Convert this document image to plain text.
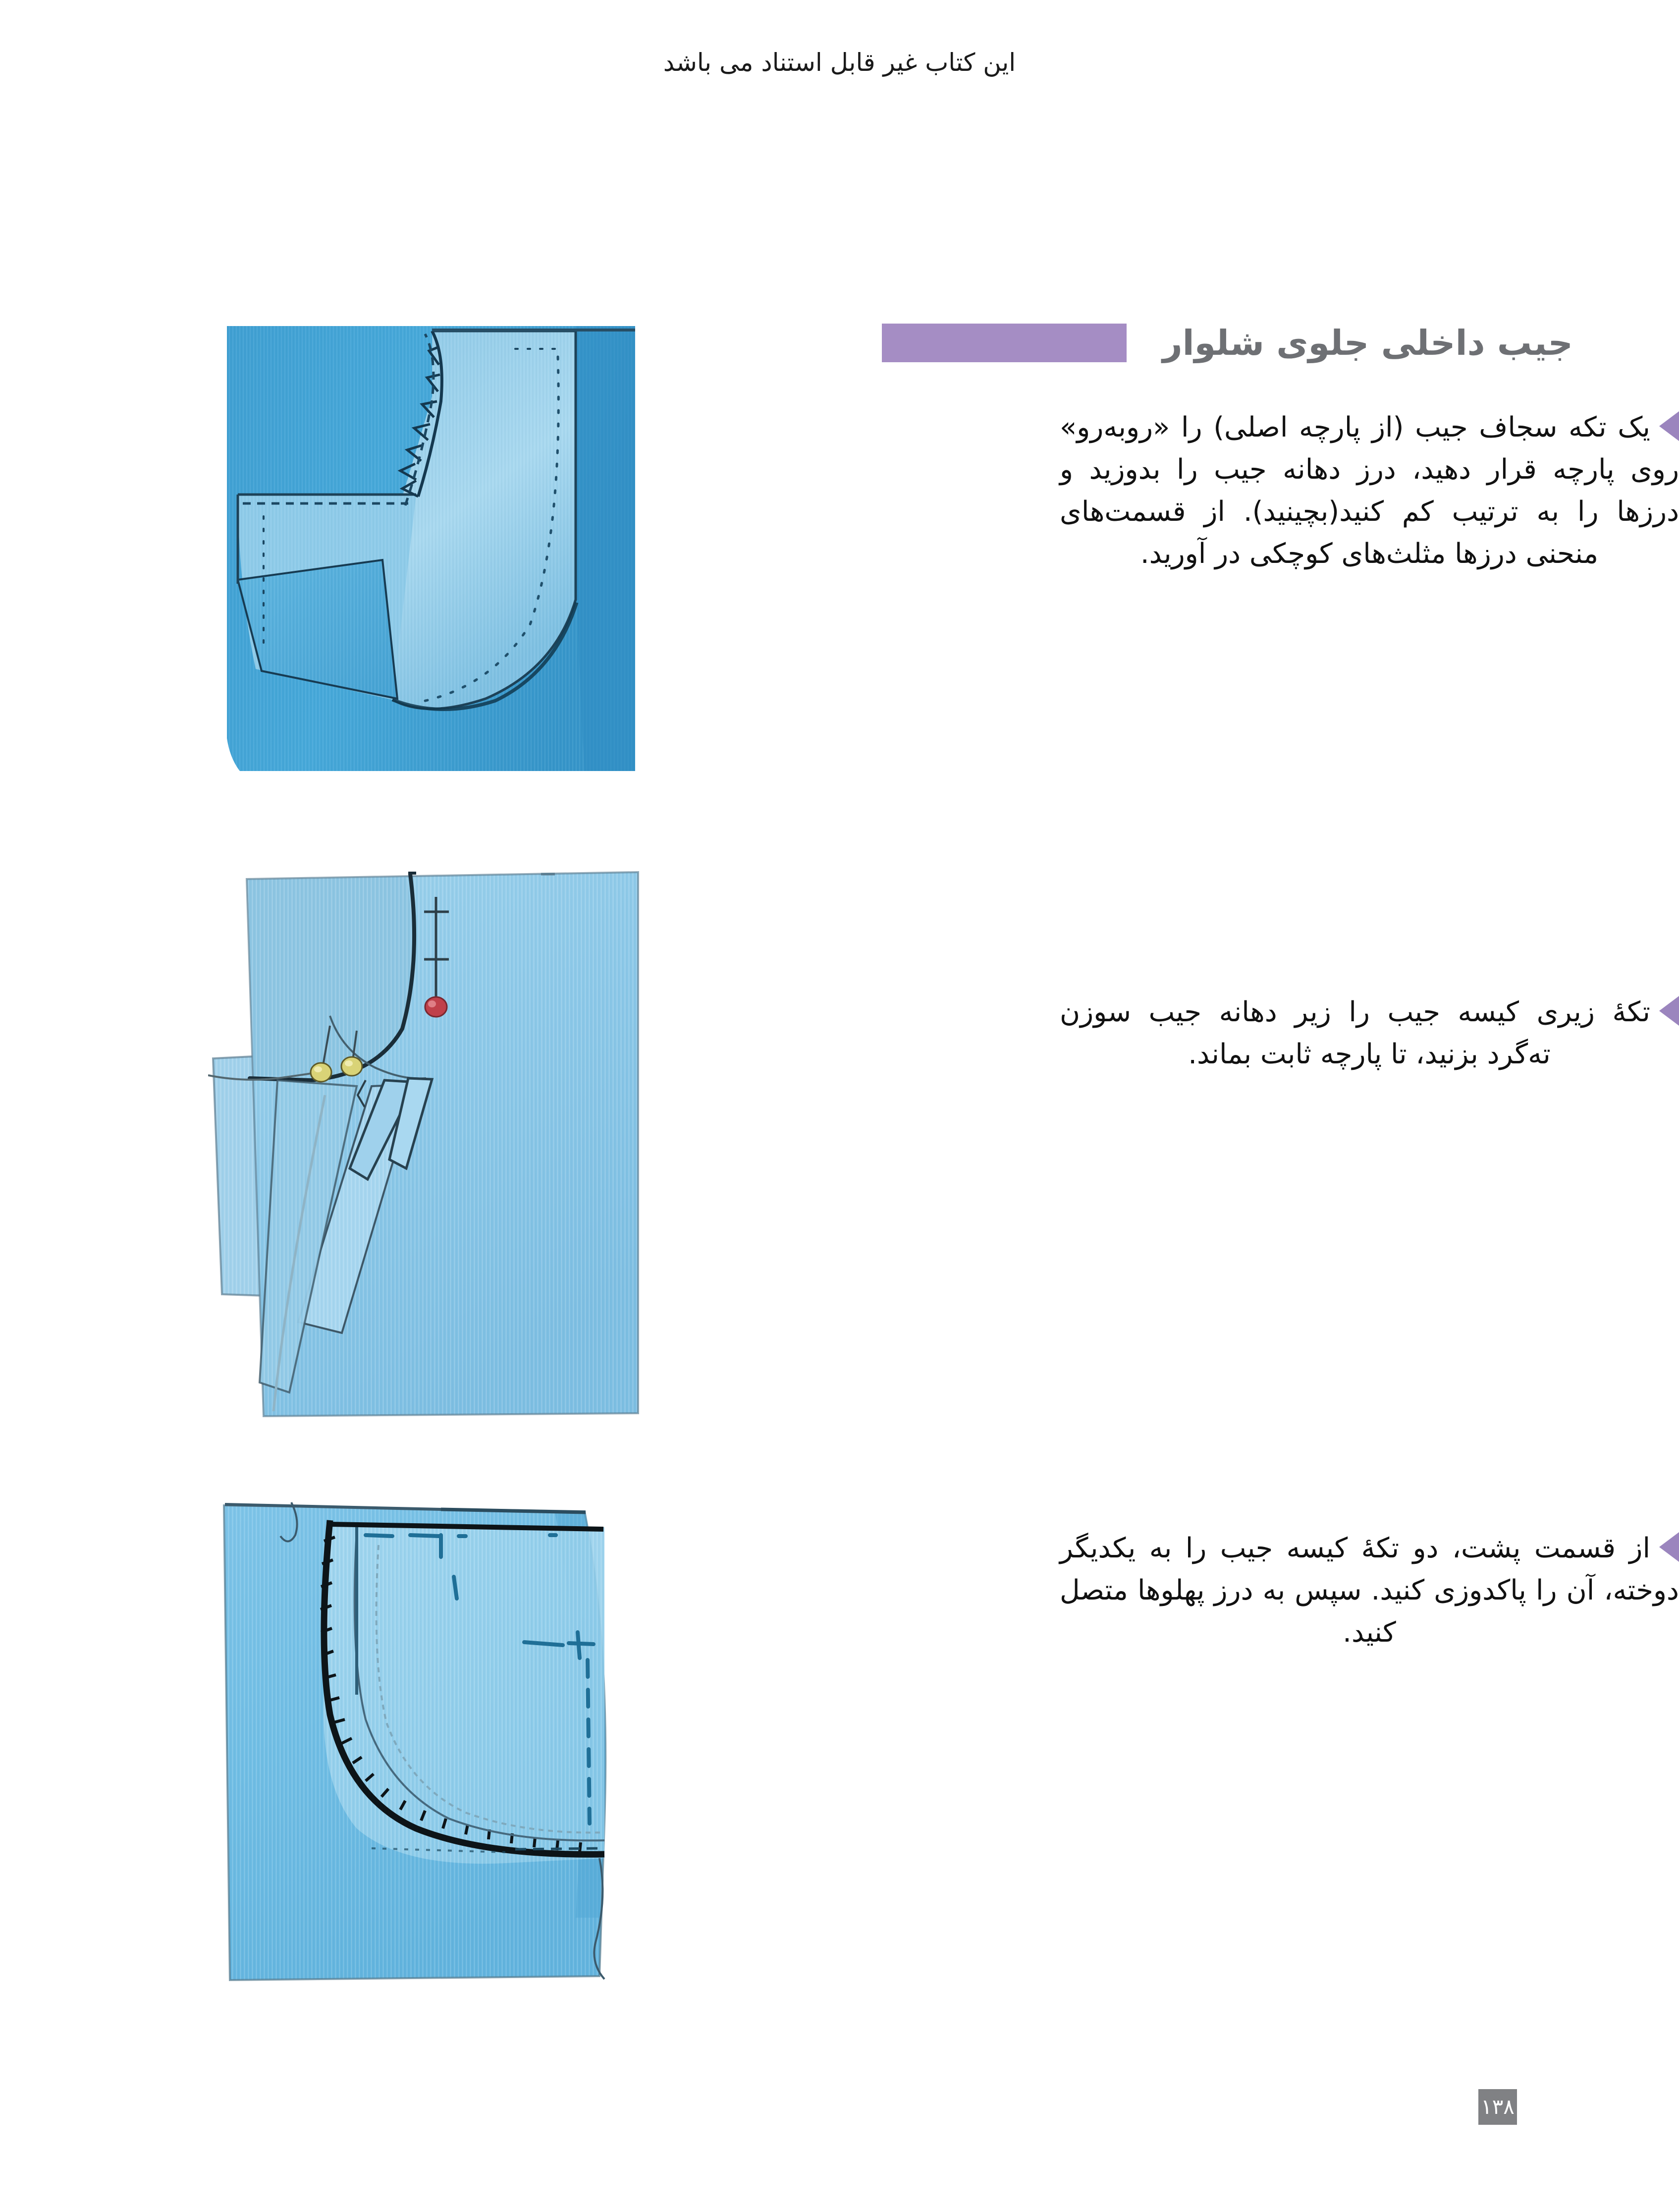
این کتاب غیر قابل استناد می باشد
جیب داخلی جلوی شلوار
یک تکه سجاف جیب (از پارچه اصلی) را «روبه‌رو» روی پارچه قرار دهید، درز دهانه جیب را بدوزید و درزها را به ترتیب کم کنید(بچینید). از قسمت‌های منحنی درزها مثلث‌های کوچکی در آورید.
تکهٔ زیری کیسه جیب را زیر دهانه جیب سوزن ته‌گرد بزنید، تا پارچه ثابت بماند.
از قسمت پشت، دو تکهٔ کیسه جیب را به یکدیگر دوخته، آن را پاکدوزی کنید. سپس به درز پهلوها متصل کنید.
۱۳۸
